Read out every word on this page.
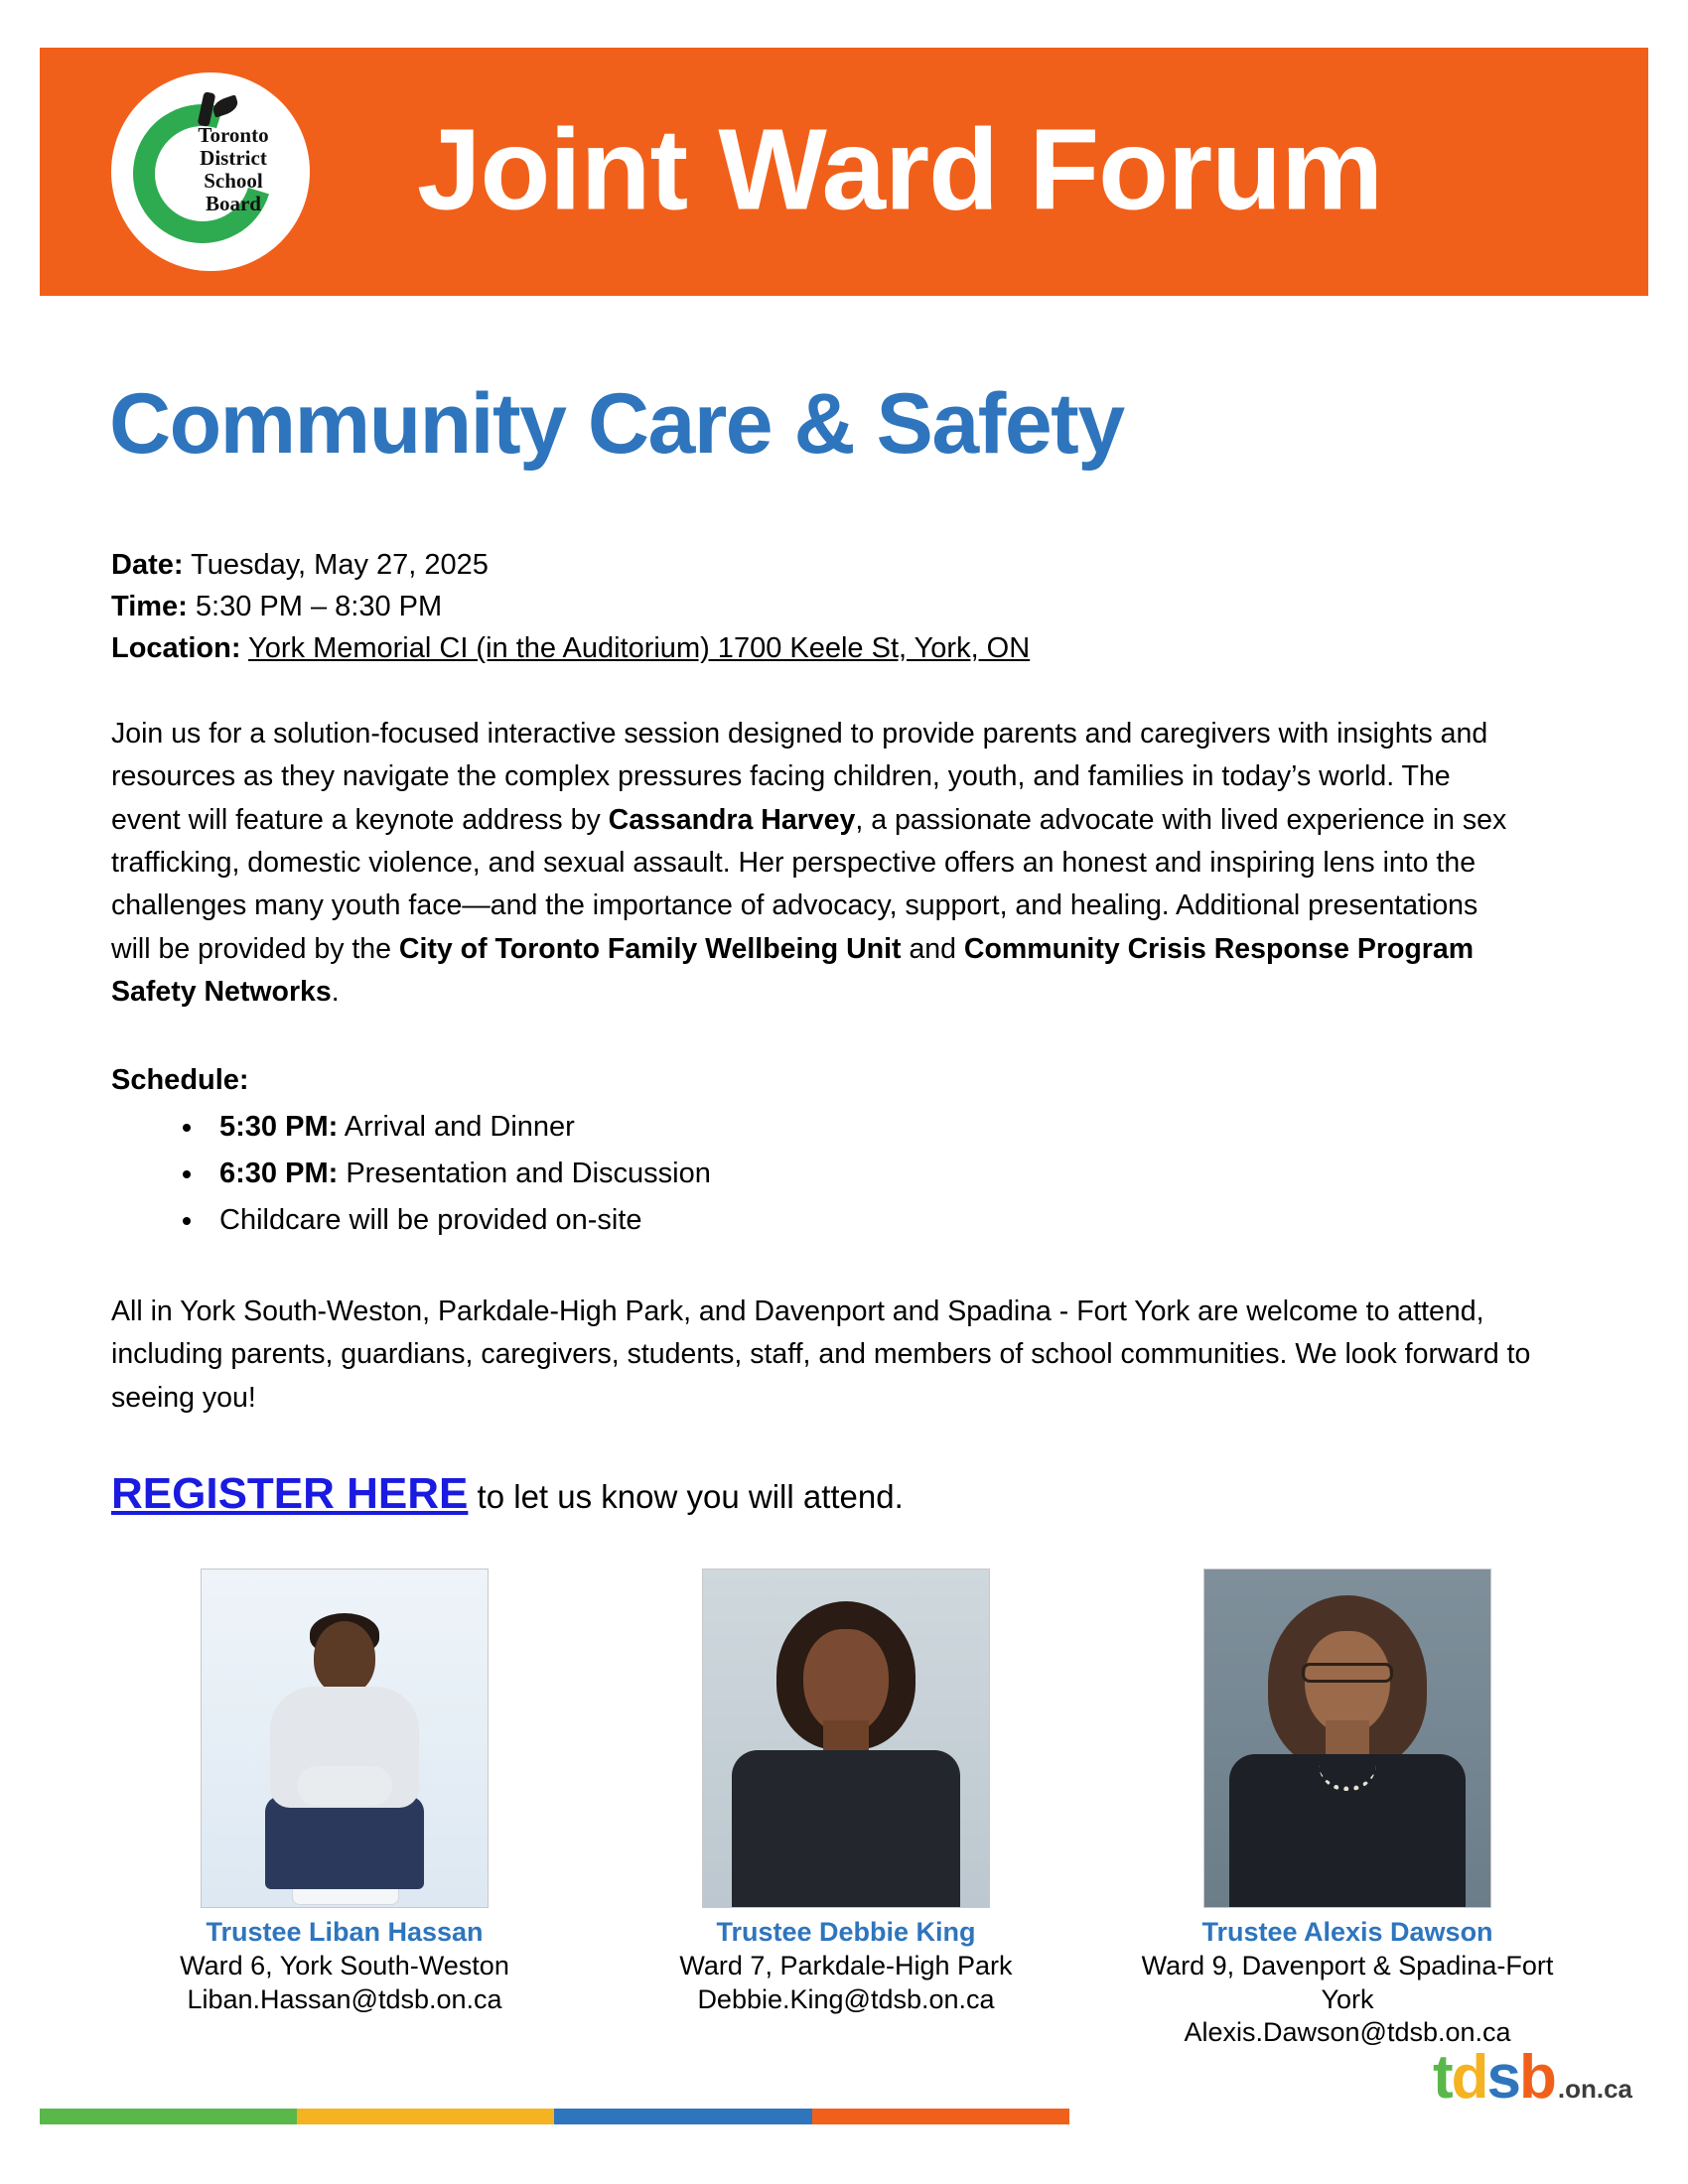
Toronto
District
School
Board Joint Ward Forum
Community Care & Safety
Date: Tuesday, May 27, 2025
Time: 5:30 PM – 8:30 PM
Location: York Memorial CI (in the Auditorium) 1700 Keele St, York, ON
Join us for a solution-focused interactive session designed to provide parents and caregivers with insights and resources as they navigate the complex pressures facing children, youth, and families in today’s world. The event will feature a keynote address by Cassandra Harvey, a passionate advocate with lived experience in sex trafficking, domestic violence, and sexual assault. Her perspective offers an honest and inspiring lens into the challenges many youth face—and the importance of advocacy, support, and healing. Additional presentations will be provided by the City of Toronto Family Wellbeing Unit and Community Crisis Response Program Safety Networks.
Schedule:
• 5:30 PM: Arrival and Dinner
• 6:30 PM: Presentation and Discussion
• Childcare will be provided on-site
All in York South-Weston, Parkdale-High Park, and Davenport and Spadina - Fort York are welcome to attend, including parents, guardians, caregivers, students, staff, and members of school communities. We look forward to seeing you!
REGISTER HERE to let us know you will attend.
Trustee Liban Hassan
Ward 6, York South-Weston
Liban.Hassan@tdsb.on.ca
Trustee Debbie King
Ward 7, Parkdale-High Park
Debbie.King@tdsb.on.ca
Trustee Alexis Dawson
Ward 9, Davenport & Spadina-Fort York
Alexis.Dawson@tdsb.on.ca
t d s b .on.ca
